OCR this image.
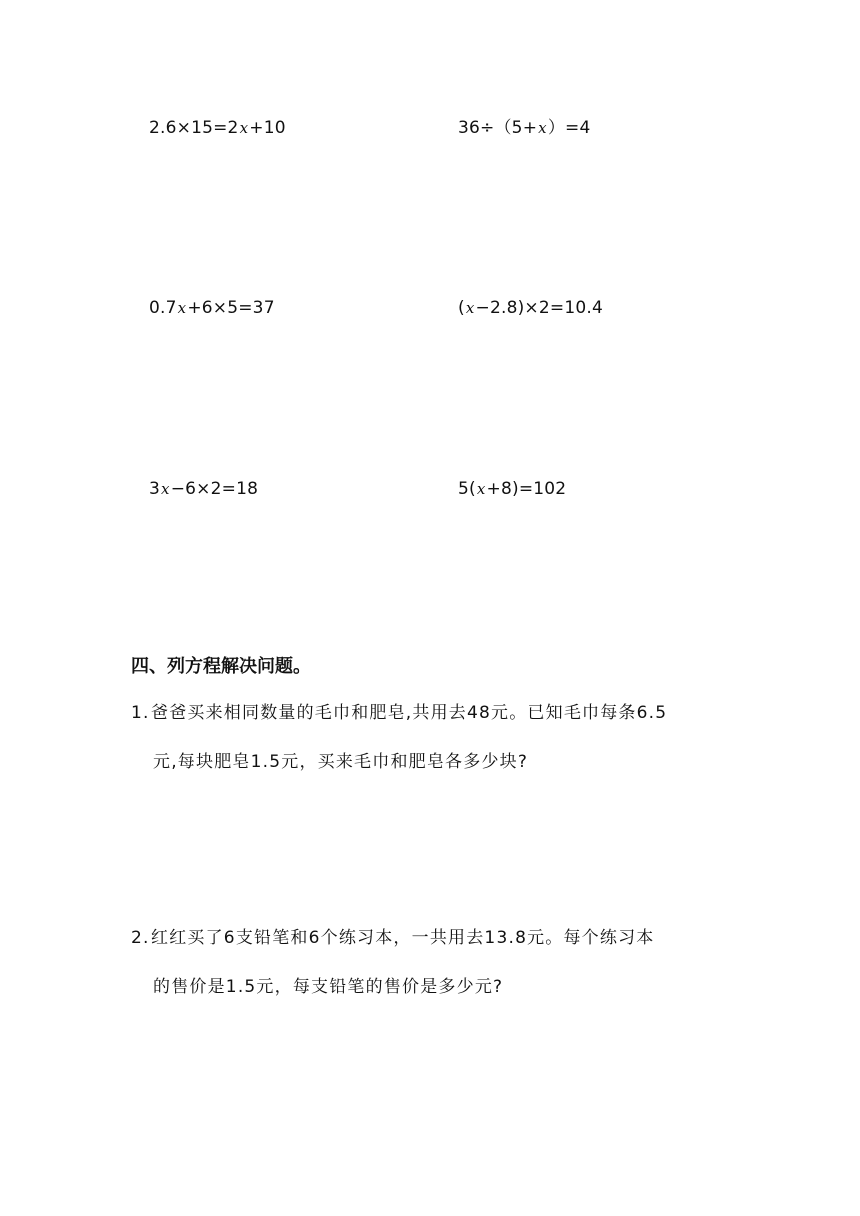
2.6×15=2x+10	36÷（5+x）=4
0.7x+6×5=37	(x−2.8)×2=10.4
3x−6×2=18	5(x+8)=102
四、列方程解决问题。
1.爸爸买来相同数量的毛巾和肥皂,共用去48元。已知毛巾每条6.5
元,每块肥皂1.5元，买来毛巾和肥皂各多少块?
2.红红买了6支铅笔和6个练习本，一共用去13.8元。每个练习本
的售价是1.5元，每支铅笔的售价是多少元?
